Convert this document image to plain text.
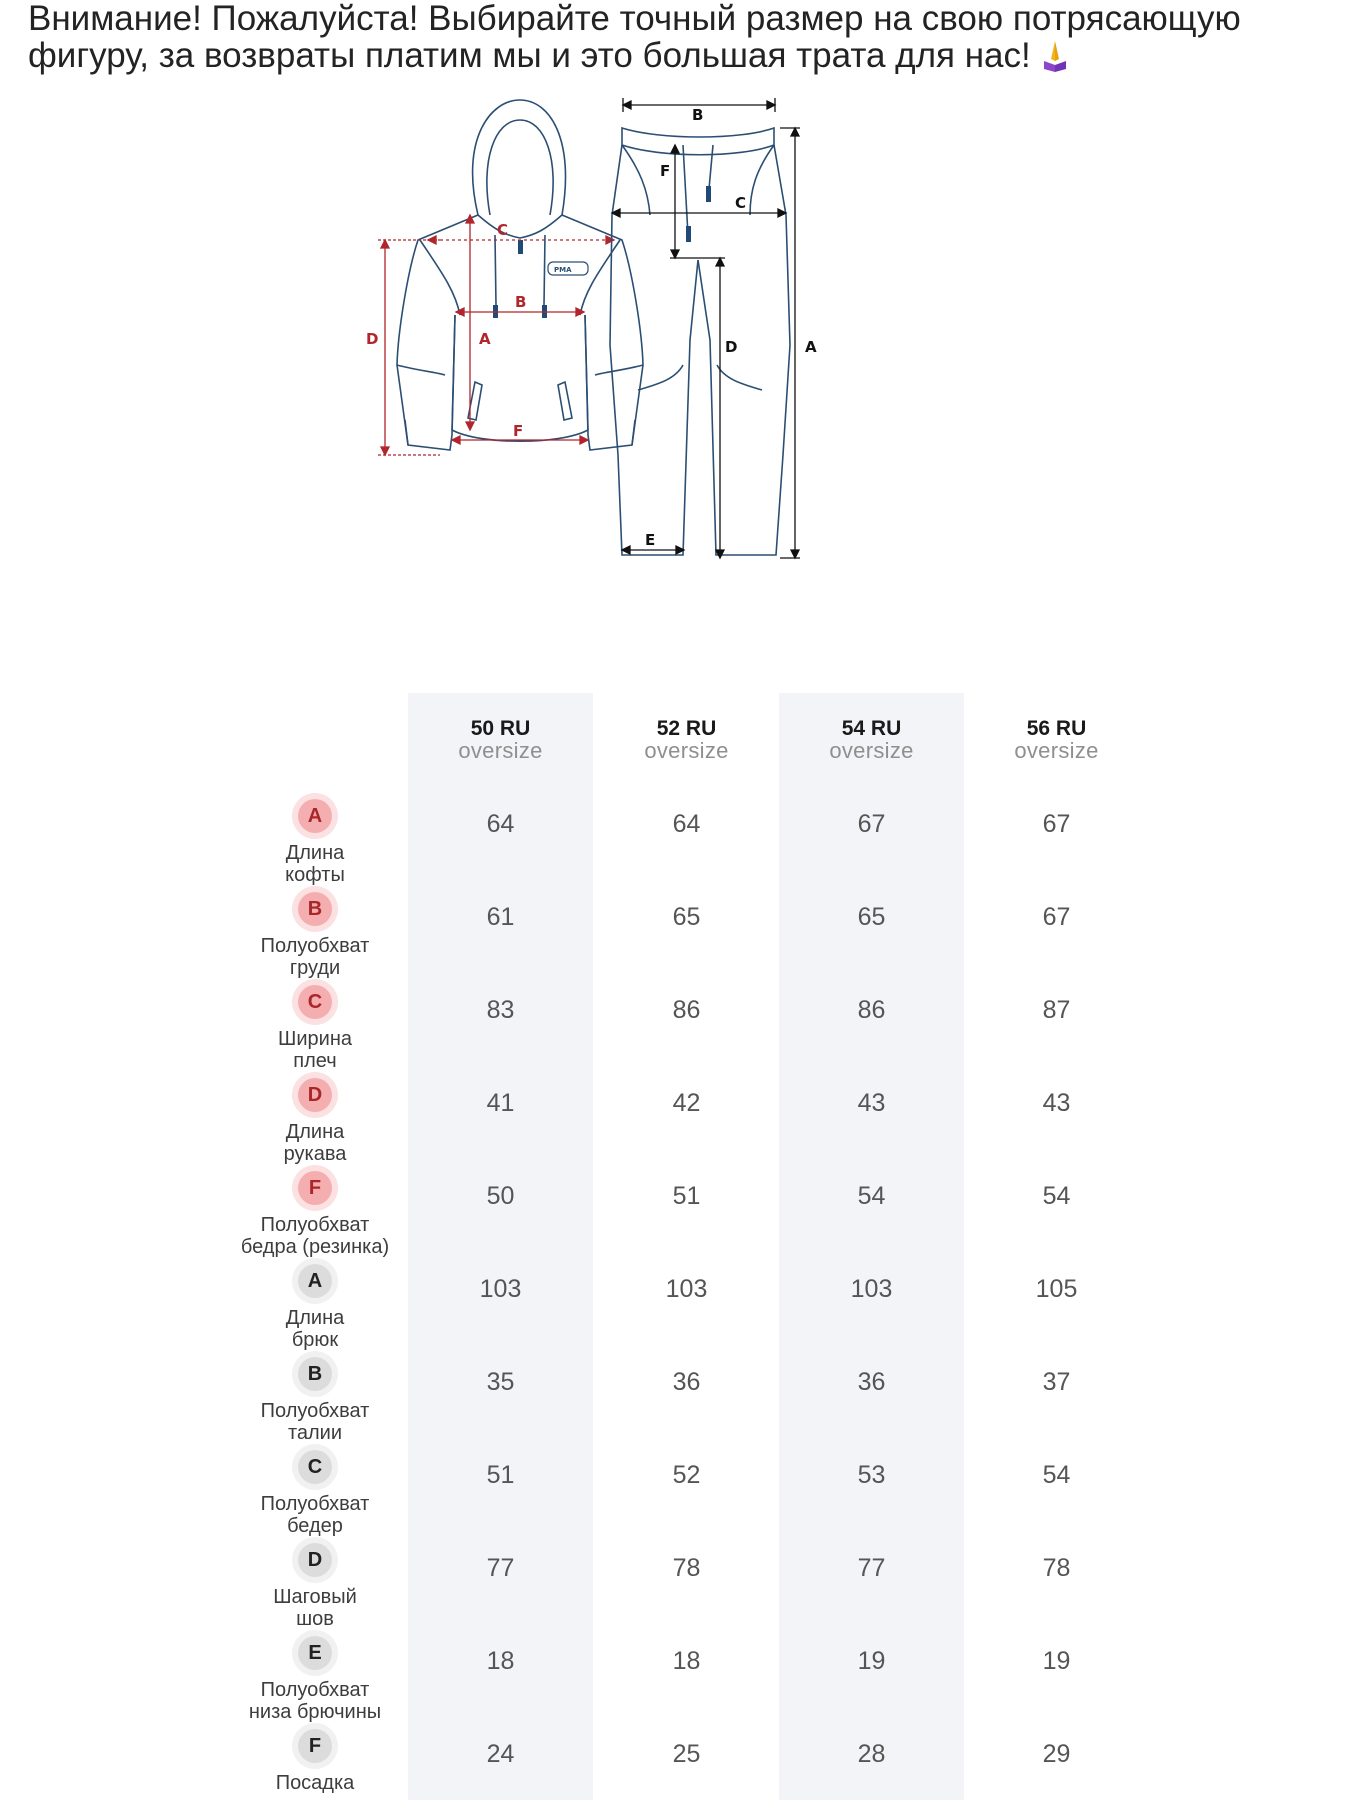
Внимание! Пожалуйста! Выбирайте точный размер на свою потрясающую фигуру, за возвраты платим мы и это большая трата для нас!

PMA
D	A
C
B
F
B
A
C
F
D
E
50 RU
oversize
52 RU
oversize
54 RU
oversize
56 RU
oversize
A
Длина
кофты
64	64	67	67
B
Полуобхват
груди
61	65	65	67
C
Ширина
плеч
83	86	86	87
D
Длина
рукава
41	42	43	43
F
Полуобхват
бедра (резинка)
50	51	54	54
A
Длина
брюк
103	103	103	105
B
Полуобхват
талии
35	36	36	37
C
Полуобхват
бедер
51	52	53	54
D
Шаговый
шов
77	78	77	78
E
Полуобхват
низа брючины
18	18	19	19
F
Посадка
24	25	28	29
